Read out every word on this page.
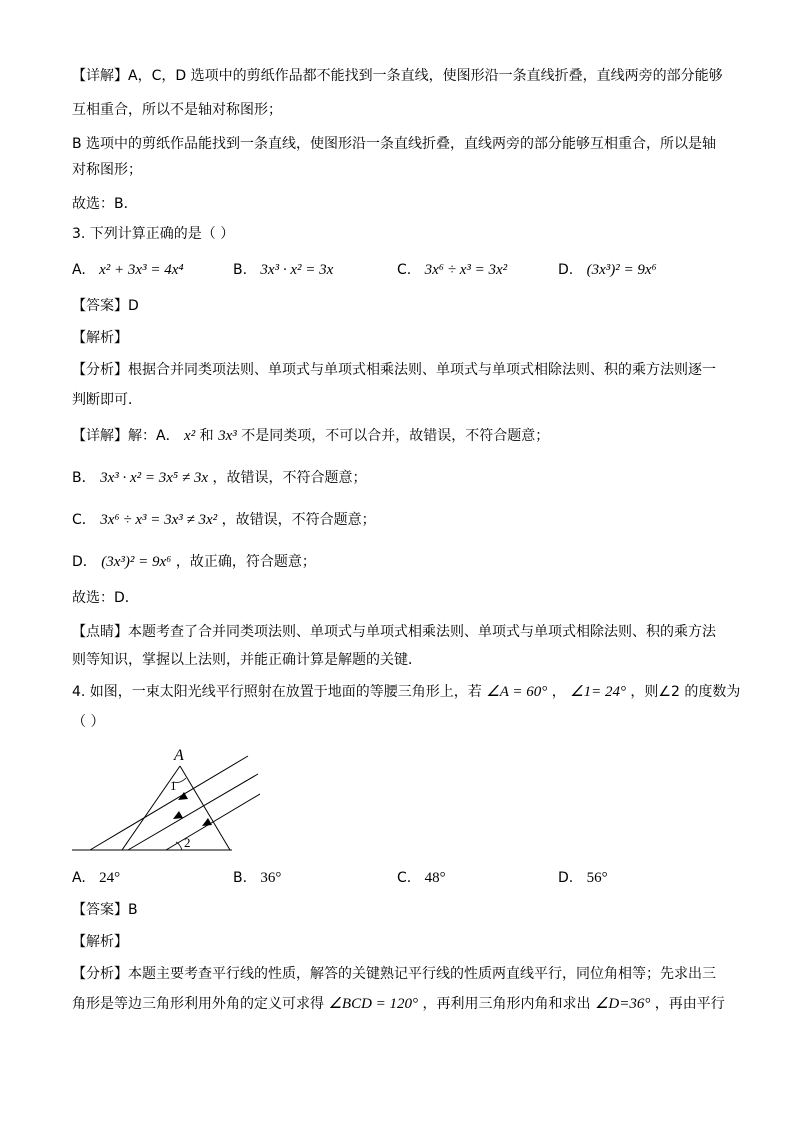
【详解】A，C，D 选项中的剪纸作品都不能找到一条直线，使图形沿一条直线折叠，直线两旁的部分能够
互相重合，所以不是轴对称图形；
B 选项中的剪纸作品能找到一条直线，使图形沿一条直线折叠，直线两旁的部分能够互相重合，所以是轴
对称图形；
故选：B．
3. 下列计算正确的是（ ）
A. x² + 3x³ = 4x⁴	B. 3x³ · x² = 3x	C. 3x⁶ ÷ x³ = 3x²	D. (3x³)² = 9x⁶
【答案】D
【解析】
【分析】根据合并同类项法则、单项式与单项式相乘法则、单项式与单项式相除法则、积的乘方法则逐一
判断即可．
【详解】解：A． x² 和 3x³ 不是同类项，不可以合并，故错误，不符合题意；
B． 3x³ · x² = 3x⁵ ≠ 3x ，故错误，不符合题意；
C． 3x⁶ ÷ x³ = 3x³ ≠ 3x² ，故错误，不符合题意；
D． (3x³)² = 9x⁶ ，故正确，符合题意；
故选：D．
【点睛】本题考查了合并同类项法则、单项式与单项式相乘法则、单项式与单项式相除法则、积的乘方法
则等知识，掌握以上法则，并能正确计算是解题的关键．
4. 如图，一束太阳光线平行照射在放置于地面的等腰三角形上，若 ∠A = 60° ， ∠1= 24° ，则∠2 的度数为
（ ）
A
1
2
A. 24°	B. 36°	C. 48°	D. 56°
【答案】B
【解析】
【分析】本题主要考查平行线的性质，解答的关键熟记平行线的性质两直线平行，同位角相等；先求出三
角形是等边三角形利用外角的定义可求得 ∠BCD = 120° ，再利用三角形内角和求出 ∠D=36° ，再由平行
